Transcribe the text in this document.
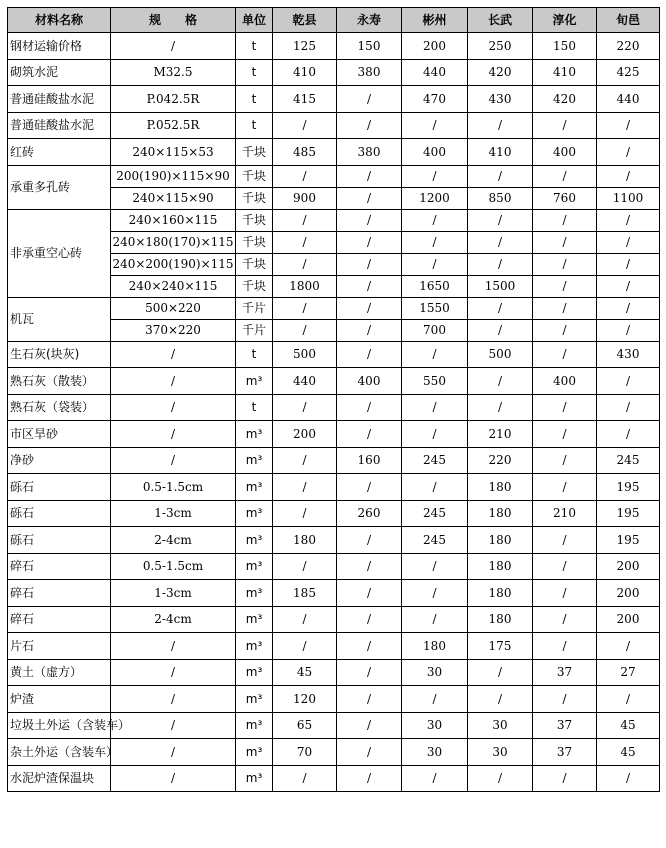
材料名称	规　　格	单位	乾县	永寿	彬州	长武	淳化	旬邑
钢材运输价格	/	t	125	150	200	250	150	220
砌筑水泥	M32.5	t	410	380	440	420	410	425
普通硅酸盐水泥	P.042.5R	t	415	/	470	430	420	440
普通硅酸盐水泥	P.052.5R	t	/	/	/	/	/	/
红砖	240×115×53	千块	485	380	400	410	400	/
承重多孔砖	200(190)×115×90	千块	/	/	/	/	/	/
	240×115×90	千块	900	/	1200	850	760	1100
非承重空心砖	240×160×115	千块	/	/	/	/	/	/
	240×180(170)×115	千块	/	/	/	/	/	/
	240×200(190)×115	千块	/	/	/	/	/	/
	240×240×115	千块	1800	/	1650	1500	/	/
机瓦	500×220	千片	/	/	1550	/	/	/
	370×220	千片	/	/	700	/	/	/
生石灰(块灰)	/	t	500	/	/	500	/	430
熟石灰（散装）	/	m³	440	400	550	/	400	/
熟石灰（袋装）	/	t	/	/	/	/	/	/
市区旱砂	/	m³	200	/	/	210	/	/
净砂	/	m³	/	160	245	220	/	245
砾石	0.5-1.5cm	m³	/	/	/	180	/	195
砾石	1-3cm	m³	/	260	245	180	210	195
砾石	2-4cm	m³	180	/	245	180	/	195
碎石	0.5-1.5cm	m³	/	/	/	180	/	200
碎石	1-3cm	m³	185	/	/	180	/	200
碎石	2-4cm	m³	/	/	/	180	/	200
片石	/	m³	/	/	180	175	/	/
黄土（虚方）	/	m³	45	/	30	/	37	27
炉渣	/	m³	120	/	/	/	/	/
垃圾土外运（含装车）	/	m³	65	/	30	30	37	45
杂土外运（含装车）	/	m³	70	/	30	30	37	45
水泥炉渣保温块	/	m³	/	/	/	/	/	/
